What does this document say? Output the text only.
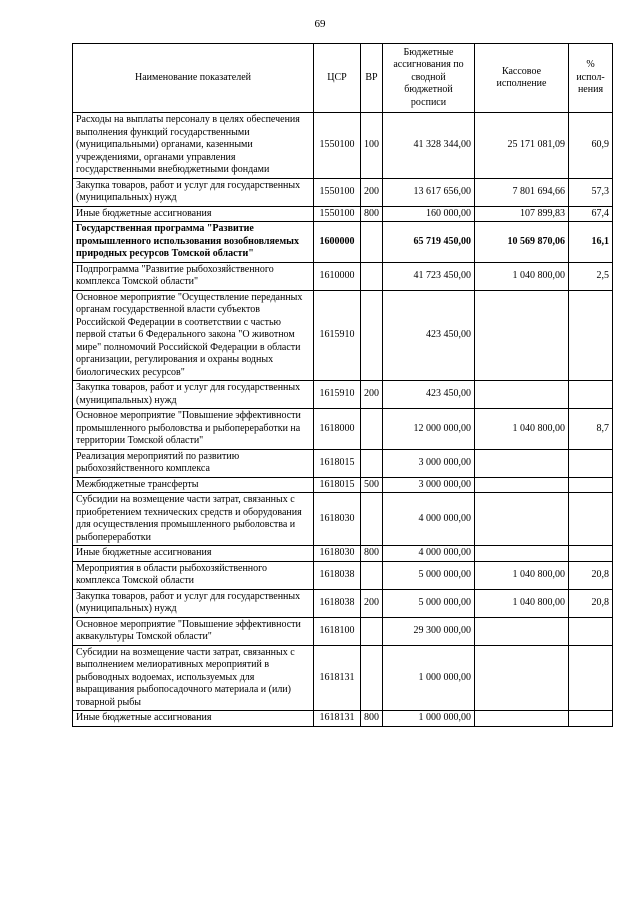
69
Наименование показателей	ЦСР	ВР	Бюджетные ассигнования по сводной бюджетной росписи	Кассовое исполнение	% испол-нения
Расходы на выплаты персоналу в целях обеспечения выполнения функций государственными (муниципальными) органами, казенными учреждениями, органами управления государственными внебюджетными фондами	1550100	100	41 328 344,00	25 171 081,09	60,9
Закупка товаров, работ и услуг для государственных (муниципальных) нужд	1550100	200	13 617 656,00	7 801 694,66	57,3
Иные бюджетные ассигнования	1550100	800	160 000,00	107 899,83	67,4
Государственная программа "Развитие промышленного использования возобновляемых природных ресурсов Томской области"	1600000		65 719 450,00	10 569 870,06	16,1
Подпрограмма "Развитие рыбохозяйственного комплекса Томской области"	1610000		41 723 450,00	1 040 800,00	2,5
Основное мероприятие "Осуществление переданных органам государственной власти субъектов Российской Федерации в соответствии с частью первой статьи 6 Федерального закона "О животном мире" полномочий Российской Федерации в области организации, регулирования и охраны водных биологических ресурсов"	1615910		423 450,00		
Закупка товаров, работ и услуг для государственных (муниципальных) нужд	1615910	200	423 450,00		
Основное мероприятие "Повышение эффективности промышленного рыболовства и рыбопереработки на территории Томской области"	1618000		12 000 000,00	1 040 800,00	8,7
Реализация мероприятий по развитию рыбохозяйственного комплекса	1618015		3 000 000,00		
Межбюджетные трансферты	1618015	500	3 000 000,00		
Субсидии на возмещение части затрат, связанных с приобретением технических средств и оборудования для осуществления промышленного рыболовства и рыбопереработки	1618030		4 000 000,00		
Иные бюджетные ассигнования	1618030	800	4 000 000,00		
Мероприятия в области рыбохозяйственного комплекса Томской области	1618038		5 000 000,00	1 040 800,00	20,8
Закупка товаров, работ и услуг для государственных (муниципальных) нужд	1618038	200	5 000 000,00	1 040 800,00	20,8
Основное мероприятие "Повышение эффективности аквакультуры Томской области"	1618100		29 300 000,00		
Субсидии на возмещение части затрат, связанных с выполнением мелиоративных мероприятий в рыбоводных водоемах, используемых для выращивания рыбопосадочного материала и (или) товарной рыбы	1618131		1 000 000,00		
Иные бюджетные ассигнования	1618131	800	1 000 000,00		
